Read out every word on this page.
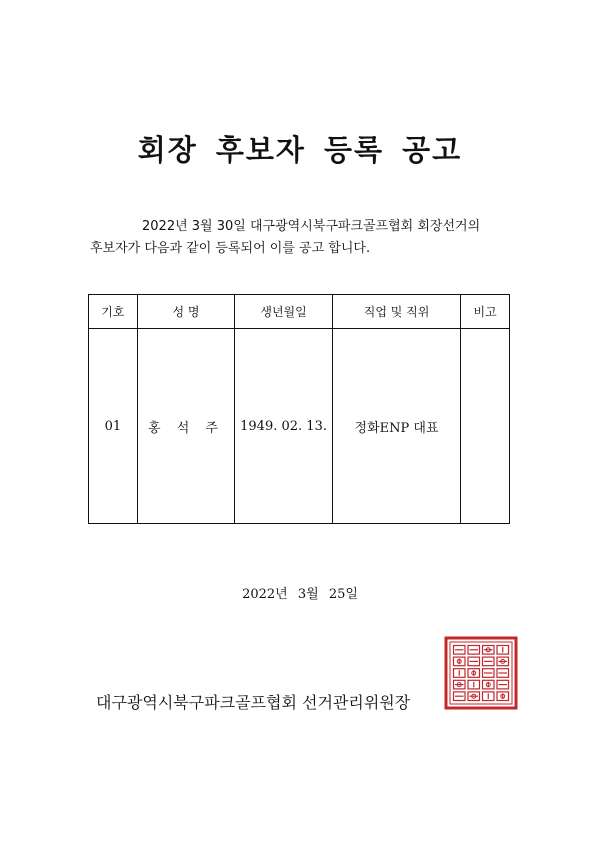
회장 후보자 등록 공고
2022년 3월 30일 대구광역시북구파크골프협회 회장선거의
후보자가 다음과 같이 등록되어 이를 공고 합니다.
기호	성 명	생년월일	직업 및 직위	비고
01	홍 석 주	1949. 02. 13.	정화ENP 대표	
2022년 3월 25일
대구광역시북구파크골프협회 선거관리위원장
